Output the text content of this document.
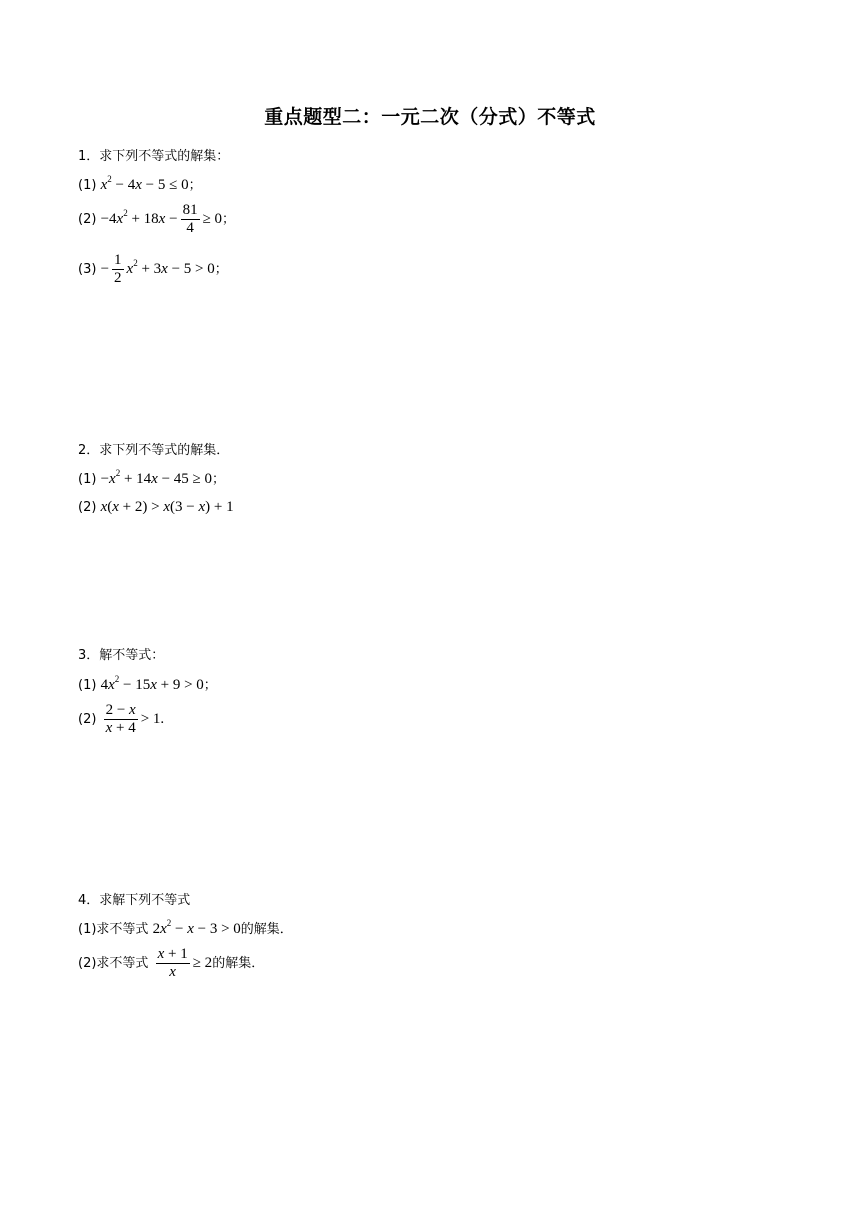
重点题型二：一元二次（分式）不等式
1．求下列不等式的解集：
(1) $x^2 - 4x - 5 \le 0$；
$(2) -4x^2 + 18x - \frac{81}{4} \ge 0$；
$(3) - \frac{1}{2} x^2 + 3x - 5 > 0$；
2．求下列不等式的解集．
$(1) -x^2 + 14x - 45 \ge 0$；
(2) x(x + 2) > x(3 − x) + 1
3．解不等式：
(1) $4x^2 - 15x + 9 > 0$；
$(2) \frac{2 - x}{x + 4} > 1$.
4．求解下列不等式
(1)求不等式 $2x^2 - x - 3 > 0$的解集．
(2)求不等式 $\frac{x + 1}{x} \ge 2$的解集．
